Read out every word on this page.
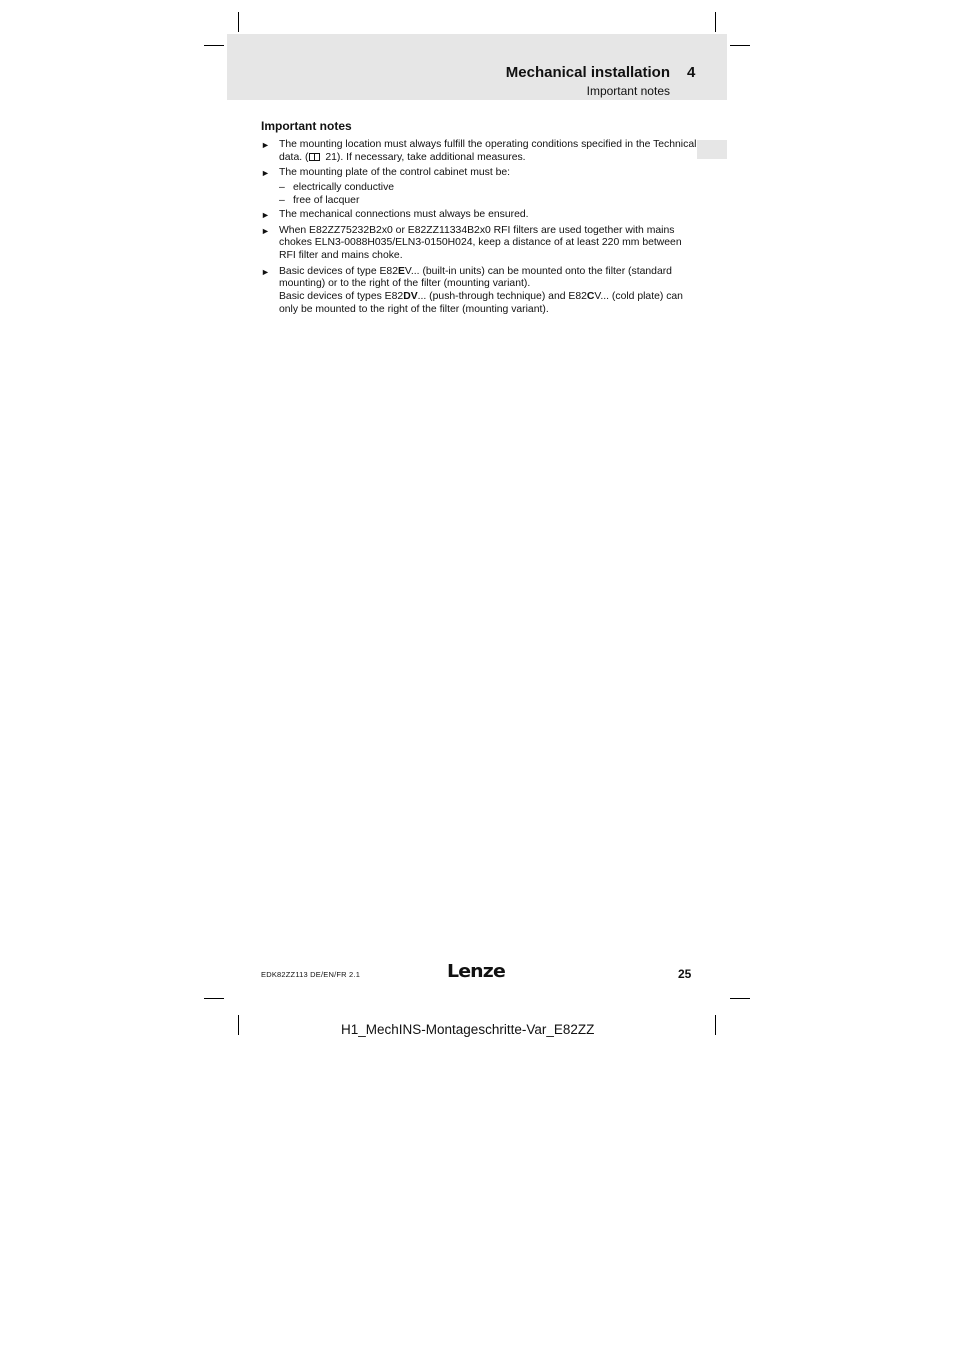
Mechanical installation 4
Important notes
Important notes
► The mounting location must always fulfill the operating conditions specified in the Technical data. ( 21). If necessary, take additional measures.

► The mounting plate of the control cabinet must be:

– electrically conductive
– free of lacquer
► The mechanical connections must always be ensured.

► When E82ZZ75232B2x0 or E82ZZ11334B2x0 RFI filters are used together with mains chokes ELN3-0088H035/ELN3-0150H024, keep a distance of at least 220 mm between RFI filter and mains choke.

► Basic devices of type E82EV... (built-in units) can be mounted onto the filter (standard mounting) or to the right of the filter (mounting variant).

Basic devices of types E82DV... (push-through technique) and E82CV... (cold plate) can only be mounted to the right of the filter (mounting variant).

EDK82ZZ113 DE/EN/FR 2.1	Lenze	25
H1_MechINS-Montageschritte-Var_E82ZZ
